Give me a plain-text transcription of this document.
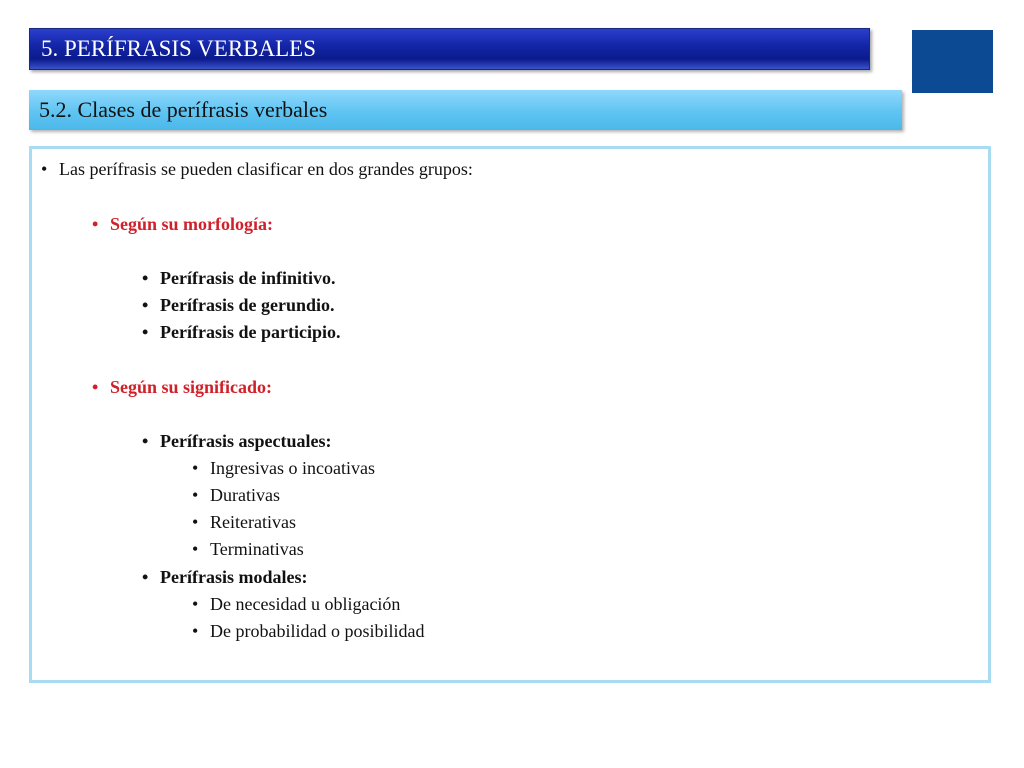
5. PERÍFRASIS VERBALES
5.2. Clases de perífrasis verbales
• Las perífrasis se pueden clasificar en dos grandes grupos:
• Según su morfología:
• Perífrasis de infinitivo.
• Perífrasis de gerundio.
• Perífrasis de participio.
• Según su significado:
• Perífrasis aspectuales:
• Ingresivas o incoativas
• Durativas
• Reiterativas
• Terminativas
• Perífrasis modales:
• De necesidad u obligación
• De probabilidad o posibilidad
